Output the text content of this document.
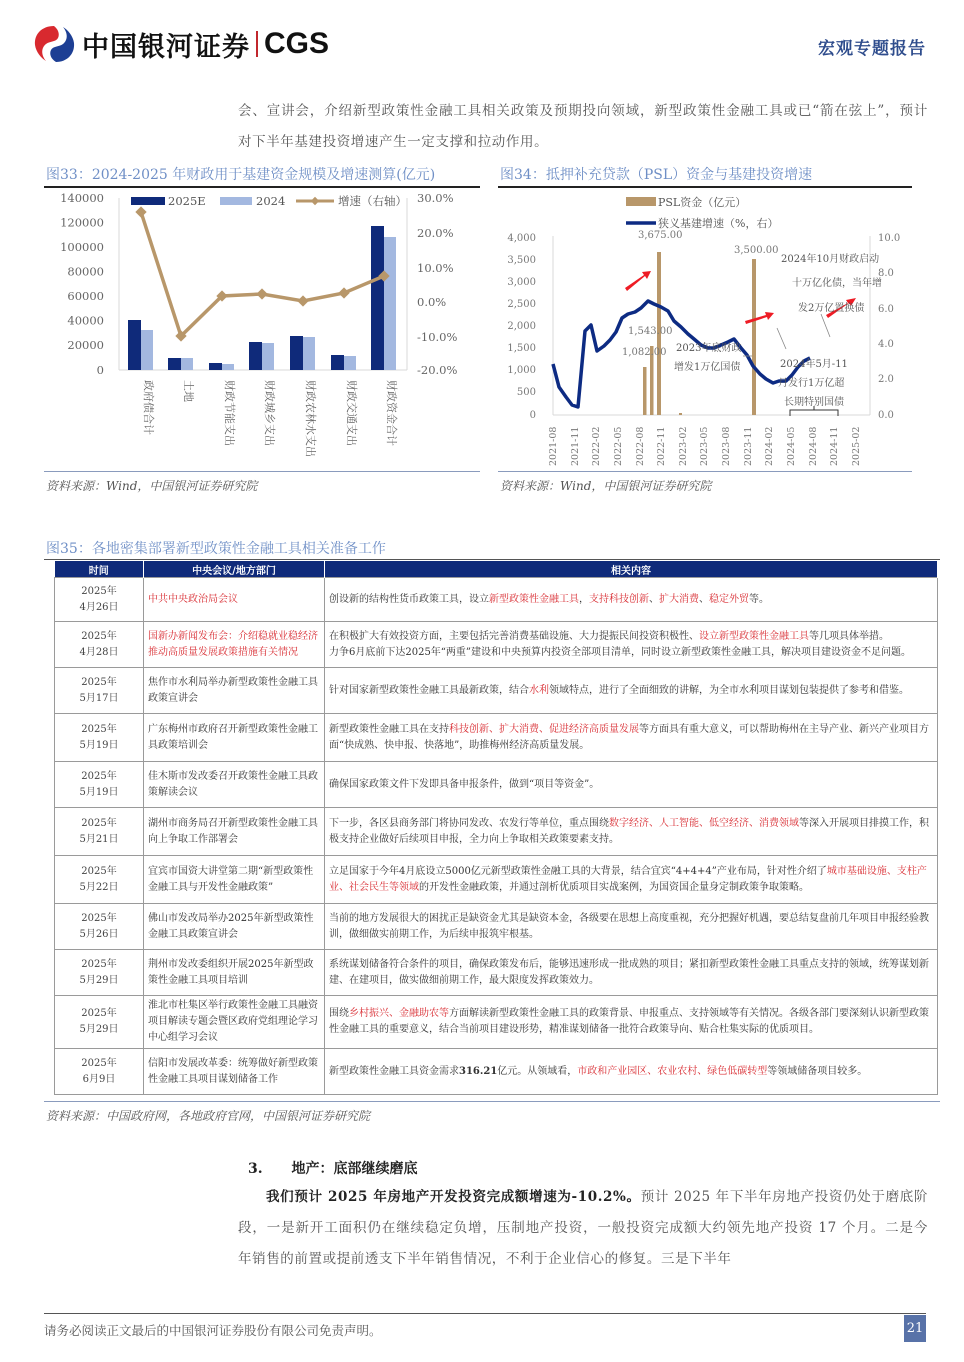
中国银河证券 CGS	宏观专题报告
会、宣讲会，介绍新型政策性金融工具相关政策及预期投向领域，新型政策性金融工具或已“箭在弦上”，预计对下半年基建投资增速产生一定支撑和拉动作用。
图33：2024-2025 年财政用于基建资金规模及增速测算(亿元)
140000
120000
100000
80000
60000
40000
20000
0
30.0%
20.0%
10.0%
0.0%
-10.0%
-20.0%
2025E	2024	增速（右轴）
政府债合计 土地	财政节能支出 财政城乡支出	财政农林水支出	财政交通支出 财政资金合计
资料来源：Wind，中国银河证券研究院
图34：抵押补充贷款（PSL）资金与基建投资增速
PSL资金（亿元）
狭义基建增速（%，右）
4,000
3,500
3,000
2,500
2,000
1,500
1,000
500
0
10.0
8.0
6.0
4.0
2.0
0.0
3,675.00
3,500.00
1,543.00
1,082.00
2024年10月财政启动
十万亿化债，当年增
发2万亿置换债
2023年底财政
增发1万亿国债	2024年5月-11
月发行1万亿超
长期特别国债
2021-08 2021-11 2022-02 2022-05 2022-08 2022-11 2023-02 2023-05 2023-08 2023-11 2024-02 2024-05 2024-08 2024-11 2025-02
资料来源：Wind，中国银河证券研究院
图35：各地密集部署新型政策性金融工具相关准备工作
时间	中央会议/地方部门	相关内容

2025年
4月26日	中共中央政治局会议	创设新的结构性货币政策工具，设立新型政策性金融工具，支持科技创新、扩大消费、稳定外贸等。

2025年
4月28日
	国新办新闻发布会：介绍稳就业稳经济推动高质量发展政策措施有关情况	在积极扩大有效投资方面，主要包括完善消费基础设施、大力提振民间投资积极性、设立新型政策性金融工具等几项具体举措。
力争6月底前下达2025年“两重”建设和中央预算内投资全部项目清单，同时设立新型政策性金融工具，解决项目建设资金不足问题。

2025年
5月17日	焦作市水利局举办新型政策性金融工具政策宣讲会	针对国家新型政策性金融工具最新政策，结合水利领域特点，进行了全面细致的讲解，为全市水利项目谋划包装提供了参考和借鉴。

2025年
5月19日	广东梅州市政府召开新型政策性金融工具政策培训会	新型政策性金融工具在支持科技创新、扩大消费、促进经济高质量发展等方面具有重大意义，可以帮助梅州在主导产业、新兴产业项目方面“快成熟、快申报、快落地”，助推梅州经济高质量发展。

2025年
5月19日	佳木斯市发改委召开政策性金融工具政策解读会议	确保国家政策文件下发即具备申报条件，做到“项目等资金”。

2025年
5月21日	湖州市商务局召开新型政策性金融工具向上争取工作部署会	下一步，各区县商务部门将协同发改、农发行等单位，重点围绕数字经济、人工智能、低空经济、消费领域等深入开展项目排摸工作，积极支持企业做好后续项目申报，全力向上争取相关政策要素支持。

2025年
5月22日	宜宾市国资大讲堂第二期“新型政策性金融工具与开发性金融政策”	立足国家于今年4月底设立5000亿元新型政策性金融工具的大背景，结合宜宾“4+4+4”产业布局，针对性介绍了城市基础设施、支柱产业、社会民生等领域的开发性金融政策，并通过剖析优质项目实战案例，为国资国企量身定制政策争取策略。

2025年
5月26日	佛山市发改局举办2025年新型政策性金融工具政策宣讲会	当前的地方发展很大的困扰正是缺资金尤其是缺资本金，各级要在思想上高度重视，充分把握好机遇，要总结复盘前几年项目申报经验教训，做细做实前期工作，为后续申报筑牢根基。

2025年
5月29日	荆州市发改委组织开展2025年新型政策性金融工具项目培训	系统谋划储备符合条件的项目，确保政策发布后，能够迅速形成一批成熟的项目；紧扣新型政策性金融工具重点支持的领域，统筹谋划新建、在建项目，做实做细前期工作，最大限度发挥政策效力。

2025年
5月29日	淮北市杜集区举行政策性金融工具融资项目解读专题会暨区政府党组理论学习中心组学习会议	围绕乡村振兴、金融助农等方面解读新型政策性金融工具的政策背景、申报重点、支持领域等有关情况。各级各部门要深刻认识新型政策性金融工具的重要意义，结合当前项目建设形势，精准谋划储备一批符合政策导向、贴合杜集实际的优质项目。

2025年
6月9日	信阳市发展改革委：统筹做好新型政策性金融工具项目谋划储备工作	新型政策性金融工具资金需求316.21亿元。从领域看，市政和产业园区、农业农村、绿色低碳转型等领域储备项目较多。
资料来源：中国政府网，各地政府官网，中国银河证券研究院
3. 地产：底部继续磨底
我们预计 2025 年房地产开发投资完成额增速为-10.2%。预计 2025 年下半年房地产投资仍处于磨底阶段，一是新开工面积仍在继续稳定负增，压制地产投资，一般投资完成额大约领先地产投资 17 个月。二是今年销售的前置或提前透支下半年销售情况，不利于企业信心的修复。三是下半年
请务必阅读正文最后的中国银河证券股份有限公司免责声明。	21
